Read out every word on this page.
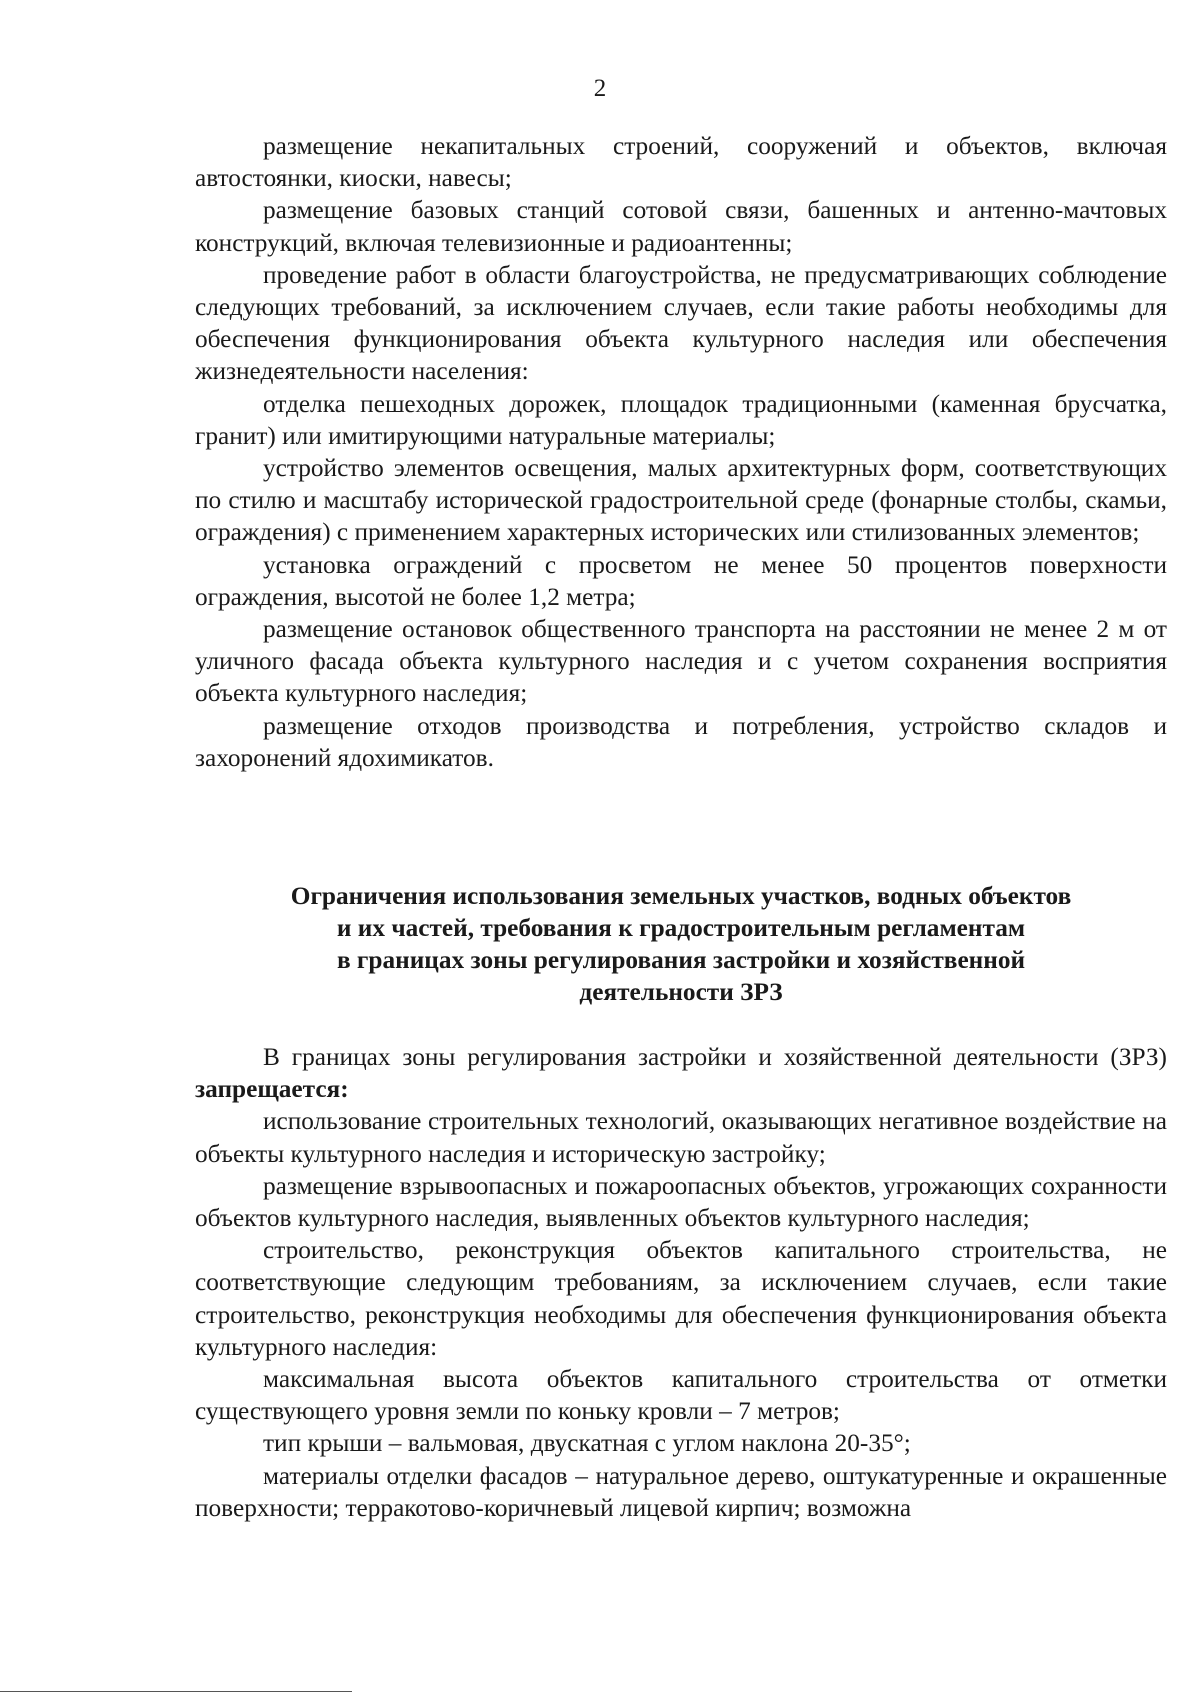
2

размещение некапитальных строений, сооружений и объектов, включая автостоянки, киоски, навесы;

размещение базовых станций сотовой связи, башенных и антенно-мачтовых конструкций, включая телевизионные и радиоантенны;

проведение работ в области благоустройства, не предусматривающих соблюдение следующих требований, за исключением случаев, если такие работы необходимы для обеспечения функционирования объекта культурного наследия или обеспечения жизнедеятельности населения:

отделка пешеходных дорожек, площадок традиционными (каменная брусчатка, гранит) или имитирующими натуральные материалы;

устройство элементов освещения, малых архитектурных форм, соответствующих по стилю и масштабу исторической градостроительной среде (фонарные столбы, скамьи, ограждения) с применением характерных исторических или стилизованных элементов;

установка ограждений с просветом не менее 50 процентов поверхности ограждения, высотой не более 1,2 метра;

размещение остановок общественного транспорта на расстоянии не менее 2 м от уличного фасада объекта культурного наследия и с учетом сохранения восприятия объекта культурного наследия;

размещение отходов производства и потребления, устройство складов и захоронений ядохимикатов.

Ограничения использования земельных участков, водных объектов
и их частей, требования к градостроительным регламентам
в границах зоны регулирования застройки и хозяйственной
деятельности ЗРЗ

В границах зоны регулирования застройки и хозяйственной деятельности (ЗРЗ) запрещается:

использование строительных технологий, оказывающих негативное воздействие на объекты культурного наследия и историческую застройку;

размещение взрывоопасных и пожароопасных объектов, угрожающих сохранности объектов культурного наследия, выявленных объектов культурного наследия;

строительство, реконструкция объектов капитального строительства, не соответствующие следующим требованиям, за исключением случаев, если такие строительство, реконструкция необходимы для обеспечения функционирования объекта культурного наследия:

максимальная высота объектов капитального строительства от отметки существующего уровня земли по коньку кровли – 7 метров;

тип крыши – вальмовая, двускатная с углом наклона 20-35°;

материалы отделки фасадов – натуральное дерево, оштукатуренные и окрашенные поверхности; терракотово-коричневый лицевой кирпич; возможна
